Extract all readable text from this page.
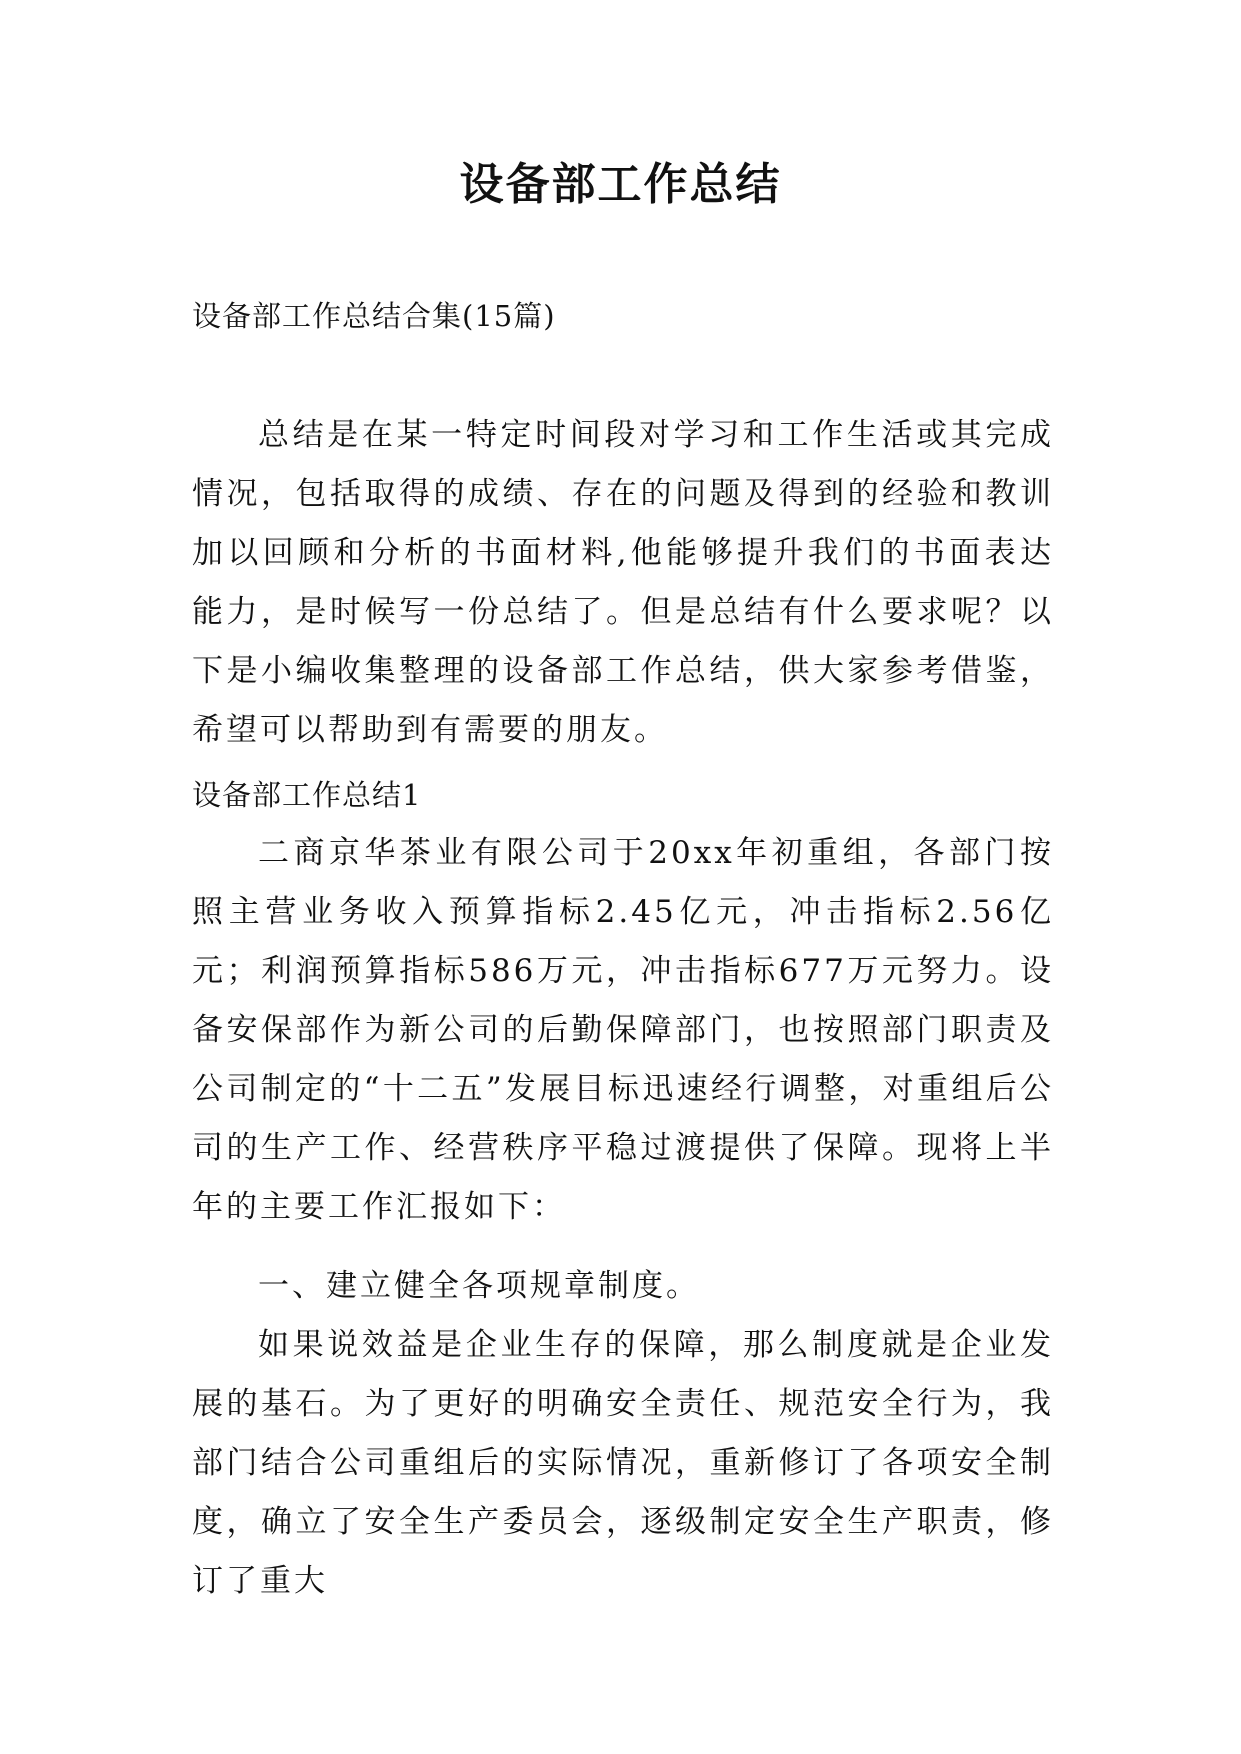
设备部工作总结

设备部工作总结合集(15篇)

总结是在某一特定时间段对学习和工作生活或其完成情况，包括取得的成绩、存在的问题及得到的经验和教训加以回顾和分析的书面材料,他能够提升我们的书面表达能力，是时候写一份总结了。但是总结有什么要求呢？以下是小编收集整理的设备部工作总结，供大家参考借鉴，希望可以帮助到有需要的朋友。

设备部工作总结1

二商京华茶业有限公司于20xx年初重组，各部门按照主营业务收入预算指标2.45亿元，冲击指标2.56亿元；利润预算指标586万元，冲击指标677万元努力。设备安保部作为新公司的后勤保障部门，也按照部门职责及公司制定的“十二五”发展目标迅速经行调整，对重组后公司的生产工作、经营秩序平稳过渡提供了保障。现将上半年的主要工作汇报如下：

一、建立健全各项规章制度。

如果说效益是企业生存的保障，那么制度就是企业发展的基石。为了更好的明确安全责任、规范安全行为，我部门结合公司重组后的实际情况，重新修订了各项安全制度，确立了安全生产委员会，逐级制定安全生产职责，修订了重大
